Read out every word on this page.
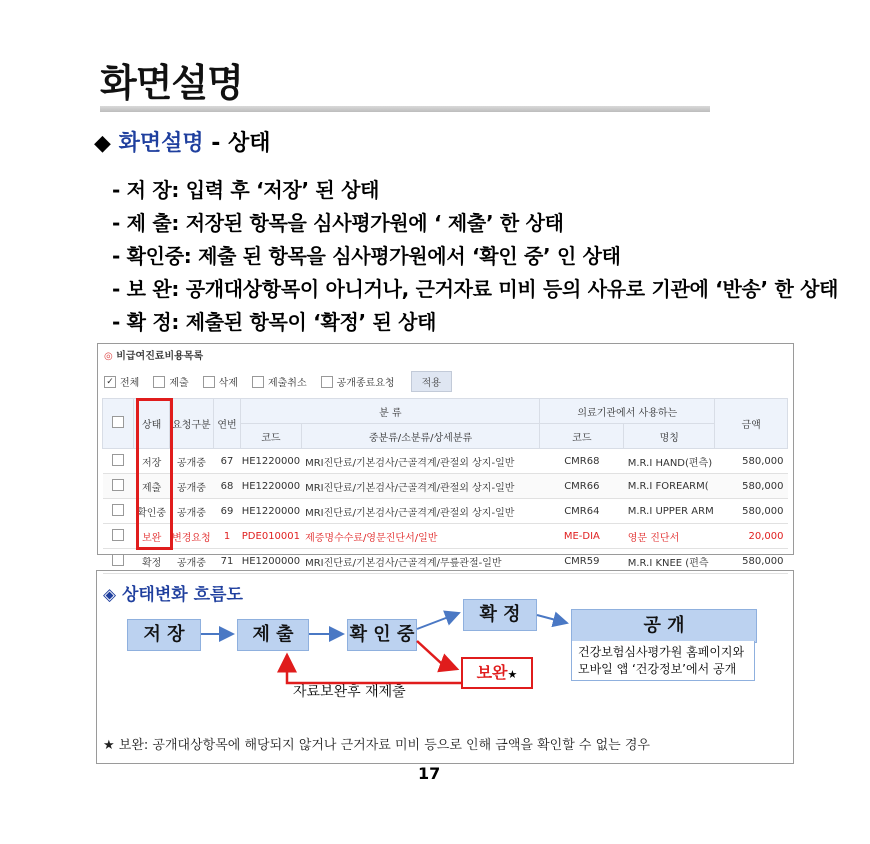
화면설명
◆ 화면설명 - 상태
- 저 장: 입력 후 ‘저장’ 된 상태
- 제 출: 저장된 항목을 심사평가원에 ‘ 제출’ 한 상태
- 확인중: 제출 된 항목을 심사평가원에서 ‘확인 중’ 인 상태
- 보 완: 공개대상항목이 아니거나, 근거자료 미비 등의 사유로 기관에 ‘반송’ 한 상태
- 확 정: 제출된 항목이 ‘확정’ 된 상태
◎ 비급여진료비용목록
✓ 전체	제출	삭제	제출취소	공개종료요청	적용
	상태	요청구분	연번	분 류		의료기관에서 사용하는		금액
				코드	중분류/소분류/상세분류	코드	명칭	
	저장	공개중	67	HE1220000	MRI진단료/기본검사/근골격계/관절외 상지-일반	CMR68	M.R.I HAND(편측)	580,000
	제출	공개중	68	HE1220000	MRI진단료/기본검사/근골격계/관절외 상지-일반	CMR66	M.R.I FOREARM(	580,000
	확인중	공개중	69	HE1220000	MRI진단료/기본검사/근골격계/관절외 상지-일반	CMR64	M.R.I UPPER ARM	580,000
	보완	변경요청	1	PDE010001	제증명수수료/영문진단서/일반	ME-DIA	영문 진단서	20,000
	확정	공개중	71	HE1200000	MRI진단료/기본검사/근골격계/무릎관절-일반	CMR59	M.R.I KNEE (편측	580,000
◈ 상태변화 흐름도
저 장	제 출	확 인 중
확 정
공 개
건강보험심사평가원 홈페이지와
모바일 앱 ‘건강정보’에서 공개
보완★
자료보완후 재제출
★ 보완: 공개대상항목에 해당되지 않거나 근거자료 미비 등으로 인해 금액을 확인할 수 없는 경우
17
